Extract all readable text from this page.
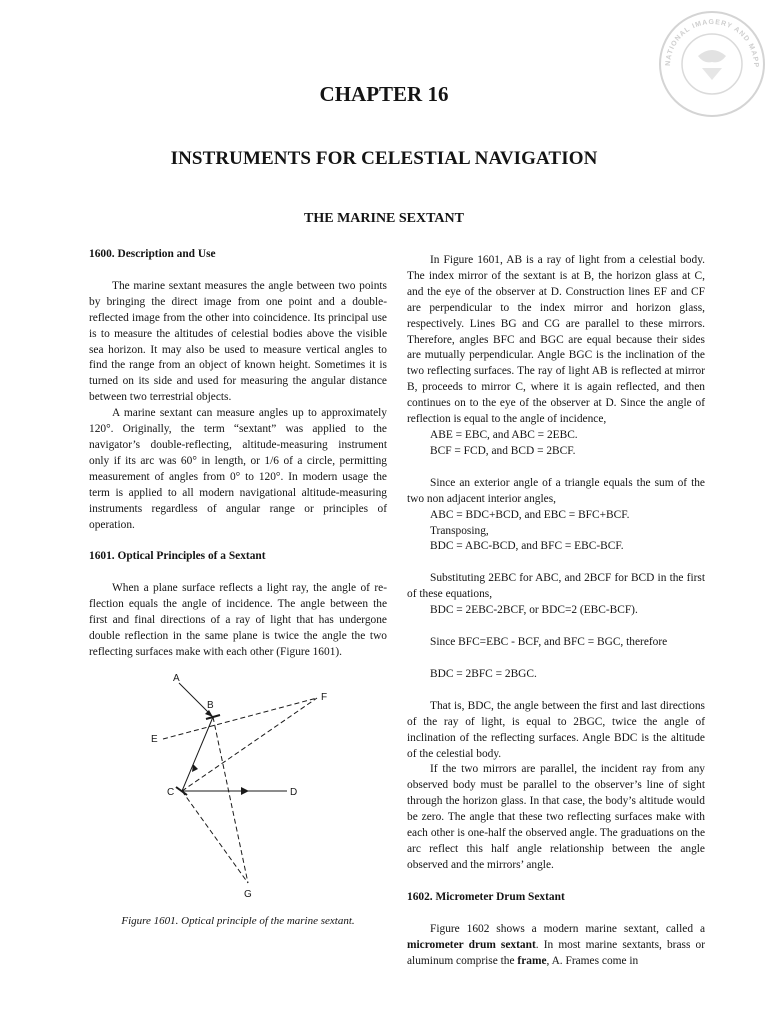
NATIONAL IMAGERY AND MAPP
CHAPTER 16
INSTRUMENTS FOR CELESTIAL NAVIGATION
THE MARINE SEXTANT

1600. Description and Use

The marine sextant measures the angle between two points by bringing the direct image from one point and a double-reflected image from the other into coincidence. Its principal use is to measure the altitudes of celestial bodies above the visible sea horizon. It may also be used to measure vertical angles to find the range from an object of known height. Sometimes it is turned on its side and used for measuring the angular distance between two terrestrial objects.

A marine sextant can measure angles up to approximately 120°. Originally, the term “sextant” was applied to the navigator’s double-reflecting, altitude-measuring instrument only if its arc was 60° in length, or 1/6 of a circle, permitting measurement of angles from 0° to 120°. In modern usage the term is applied to all modern navigational altitude-measuring instruments regardless of angular range or principles of operation.

1601. Optical Principles of a Sextant

When a plane surface reflects a light ray, the angle of re- flection equals the angle of incidence. The angle between the first and final directions of a ray of light that has undergone double reflection in the same plane is twice the angle the two reflecting surfaces make with each other (Figure 1601).

A
B
E
F
C	D
G

Figure 1601. Optical principle of the marine sextant.

In Figure 1601, AB is a ray of light from a celestial body. The index mirror of the sextant is at B, the horizon glass at C, and the eye of the observer at D. Construction lines EF and CF are perpendicular to the index mirror and horizon glass, respectively. Lines BG and CG are parallel to these mirrors. Therefore, angles BFC and BGC are equal because their sides are mutually perpendicular. Angle BGC is the inclination of the two reflecting surfaces. The ray of light AB is reflected at mirror B, proceeds to mirror C, where it is again reflected, and then continues on to the eye of the observer at D. Since the angle of reflection is equal to the angle of incidence,

ABE = EBC, and ABC = 2EBC.

BCF = FCD, and BCD = 2BCF.

Since an exterior angle of a triangle equals the sum of the two non adjacent interior angles,

ABC = BDC+BCD, and EBC = BFC+BCF.

Transposing,

BDC = ABC-BCD, and BFC = EBC-BCF.

Substituting 2EBC for ABC, and 2BCF for BCD in the first of these equations,

BDC = 2EBC-2BCF, or BDC=2 (EBC-BCF).

Since BFC=EBC - BCF, and BFC = BGC, therefore

BDC = 2BFC = 2BGC.

That is, BDC, the angle between the first and last directions of the ray of light, is equal to 2BGC, twice the angle of inclination of the reflecting surfaces. Angle BDC is the altitude of the celestial body.

If the two mirrors are parallel, the incident ray from any observed body must be parallel to the observer’s line of sight through the horizon glass. In that case, the body’s altitude would be zero. The angle that these two reflecting surfaces make with each other is one-half the observed angle. The graduations on the arc reflect this half angle relationship between the angle observed and the mirrors’ angle.

1602. Micrometer Drum Sextant

Figure 1602 shows a modern marine sextant, called a micrometer drum sextant. In most marine sextants, brass or aluminum comprise the frame, A. Frames come in
